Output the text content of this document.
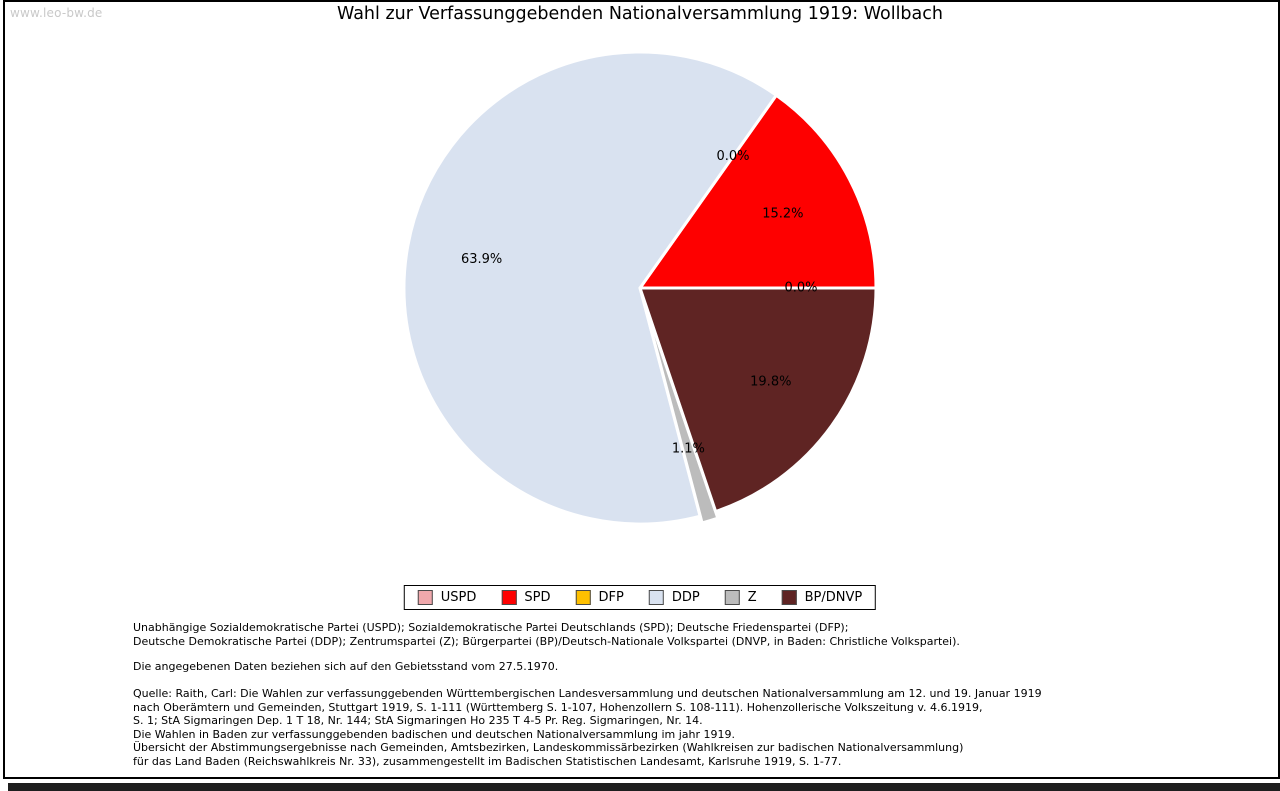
www.leo-bw.de	Wahl zur Verfassunggebenden Nationalversammlung 1919: Wollbach
0.0%
15.2%
0.0%
63.9%
1.1%
19.8%
USPD	SPD	DFP	DDP	Z	BP/DNVP
Unabhängige Sozialdemokratische Partei (USPD); Sozialdemokratische Partei Deutschlands (SPD); Deutsche Friedenspartei (DFP);
Deutsche Demokratische Partei (DDP); Zentrumspartei (Z); Bürgerpartei (BP)/Deutsch-Nationale Volkspartei (DNVP, in Baden: Christliche Volkspartei).
Die angegebenen Daten beziehen sich auf den Gebietsstand vom 27.5.1970.
Quelle: Raith, Carl: Die Wahlen zur verfassunggebenden Württembergischen Landesversammlung und deutschen Nationalversammlung am 12. und 19. Januar 1919
nach Oberämtern und Gemeinden, Stuttgart 1919, S. 1-111 (Württemberg S. 1-107, Hohenzollern S. 108-111). Hohenzollerische Volkszeitung v. 4.6.1919,
S. 1; StA Sigmaringen Dep. 1 T 18, Nr. 144; StA Sigmaringen Ho 235 T 4-5 Pr. Reg. Sigmaringen, Nr. 14.
Die Wahlen in Baden zur verfassunggebenden badischen und deutschen Nationalversammlung im jahr 1919.
Übersicht der Abstimmungsergebnisse nach Gemeinden, Amtsbezirken, Landeskommissärbezirken (Wahlkreisen zur badischen Nationalversammlung)
für das Land Baden (Reichswahlkreis Nr. 33), zusammengestellt im Badischen Statistischen Landesamt, Karlsruhe 1919, S. 1-77.
